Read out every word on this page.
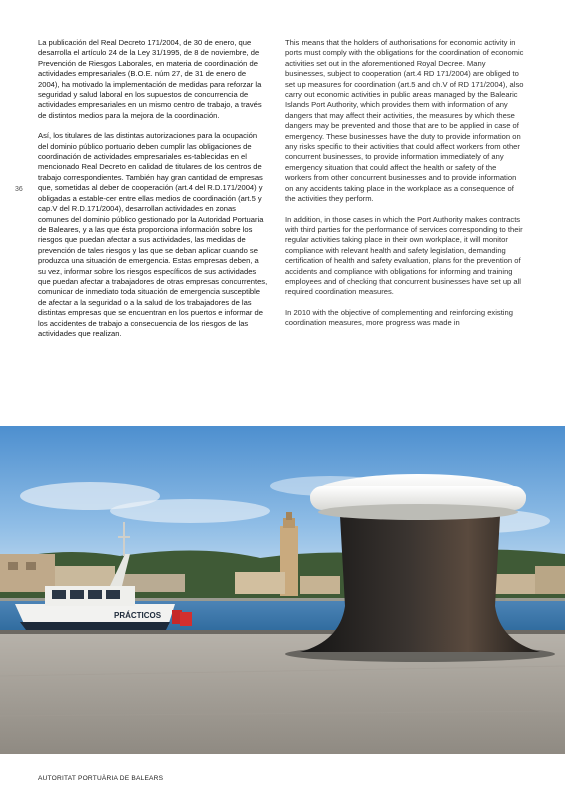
36

La publicación del Real Decreto 171/2004, de 30 de enero, que desarrolla el artículo 24 de la Ley 31/1995, de 8 de noviembre, de Prevención de Riesgos Laborales, en materia de coordinación de actividades empresariales (B.O.E. núm 27, de 31 de enero de 2004), ha motivado la implementación de medidas para reforzar la seguridad y salud laboral en los supuestos de concurrencia de actividades empresariales en un mismo centro de trabajo, a través de distintos medios para la mejora de la coordinación.

Así, los titulares de las distintas autorizaciones para la ocupación del dominio público portuario deben cumplir las obligaciones de coordinación de actividades empresariales es-tablecidas en el mencionado Real Decreto en calidad de titulares de los centros de trabajo correspondientes. También hay gran cantidad de empresas que, sometidas al deber de cooperación (art.4 del R.D.171/2004) y obligadas a estable-cer entre ellas medios de coordinación (art.5 y cap.V del R.D.171/2004), desarrollan actividades en zonas comunes del dominio público gestionado por la Autoridad Portuaria de Baleares, y a las que ésta proporciona información sobre los riesgos que puedan afectar a sus actividades, las medidas de prevención de tales riesgos y las que se deban aplicar cuando se produzca una situación de emergencia. Estas empresas deben, a su vez, informar sobre los riesgos específicos de sus actividades que puedan afectar a trabajadores de otras empresas concurrentes, comunicar de inmediato toda situación de emergencia susceptible de afectar a la seguridad o a la salud de los trabajadores de las distintas empresas que se encuentran en los puertos e informar de los accidentes de trabajo a consecuencia de los riesgos de las actividades que realizan.

This means that the holders of authorisations for economic activity in ports must comply with the obligations for the coordination of economic activities set out in the aforementioned Royal Decree. Many businesses, subject to cooperation (art.4 RD 171/2004) are obliged to set up measures for coordination (art.5 and ch.V of RD 171/2004), also carry out economic activities in public areas managed by the Balearic Islands Port Authority, which provides them with information of any dangers that may affect their activities, the measures by which these dangers may be prevented and those that are to be applied in case of emergency. These businesses have the duty to provide information on any risks specific to their activities that could affect workers from other concurrent businesses, to provide information immediately of any emergency situation that could affect the health or safety of the workers from other concurrent businesses and to provide information on any accidents taking place in the workplace as a consequence of the activities they perform.

In addition, in those cases in which the Port Authority makes contracts with third parties for the performance of services corresponding to their regular activities taking place in their own workplace, it will monitor compliance with relevant health and safety legislation, demanding certification of health and safety evaluation, plans for the prevention of accidents and compliance with obligations for informing and training employees and of checking that concurrent businesses have set up all required coordination measures.

In 2010 with the objective of complementing and reinforcing existing coordination measures, more progress was made in

PRÁCTICOS
AUTORITAT PORTUÀRIA DE BALEARS
